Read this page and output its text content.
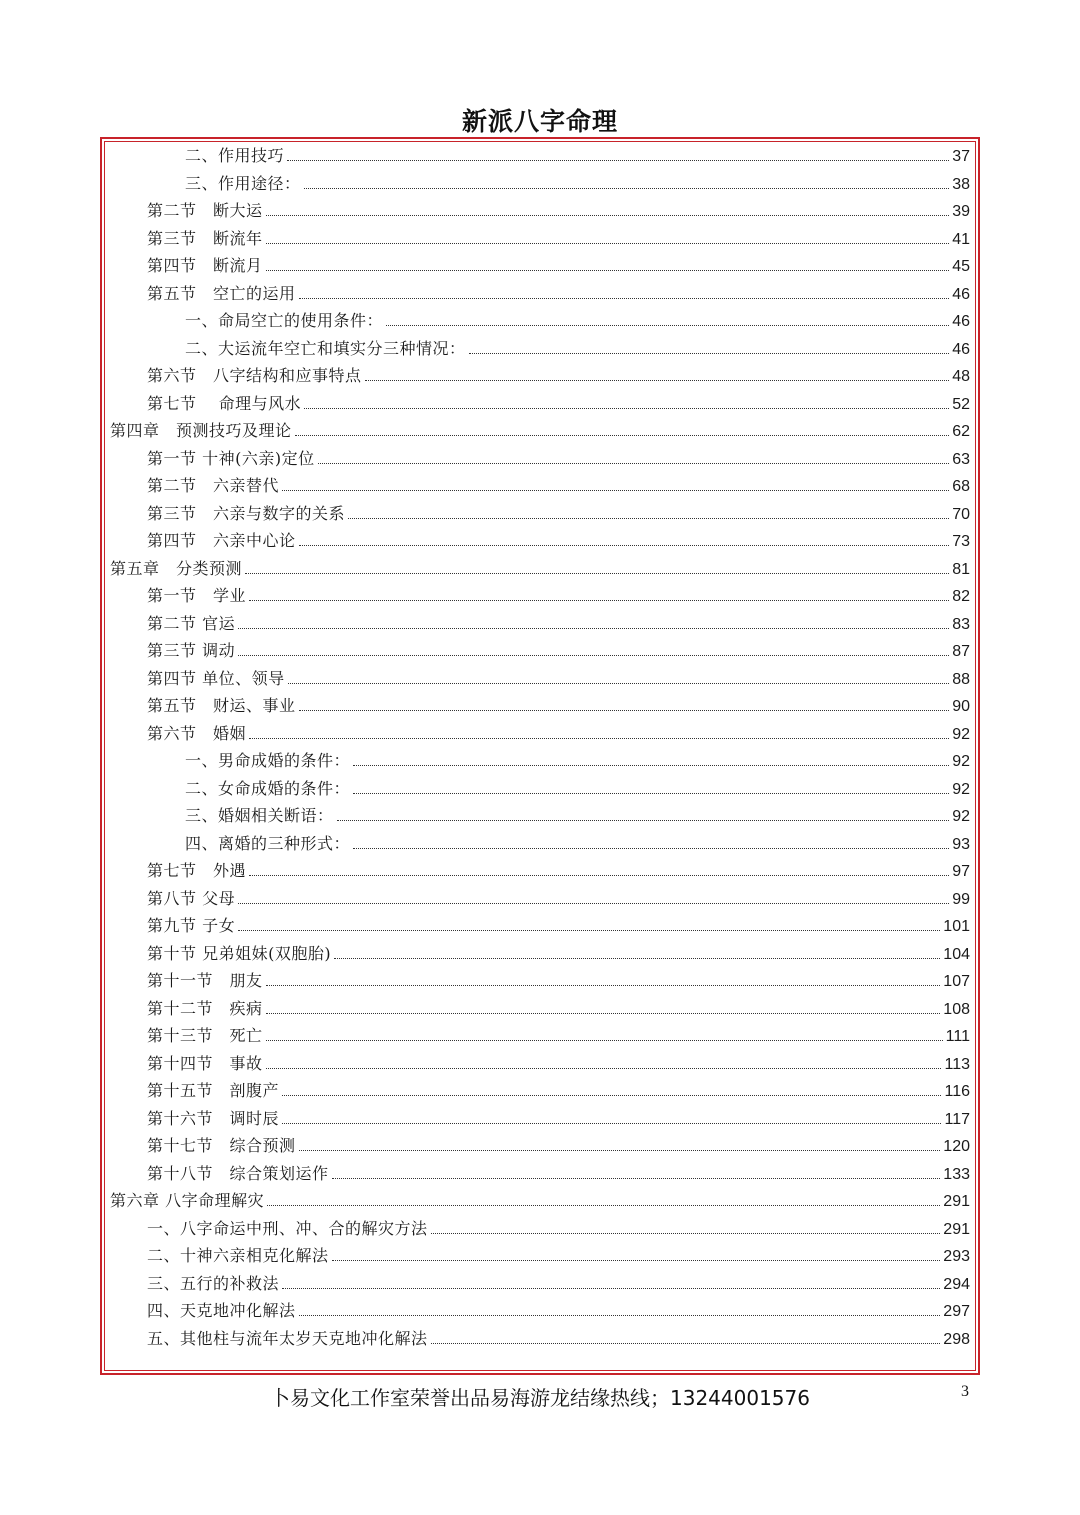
新派八字命理
二、作用技巧	37
三、作用途径：	38
第二节　断大运	39
第三节　断流年	41
第四节　断流月	45
第五节　空亡的运用	46
一、命局空亡的使用条件：	46
二、大运流年空亡和填实分三种情况：	46
第六节　八字结构和应事特点	48
第七节　 命理与风水	52
第四章　预测技巧及理论	62
第一节 十神(六亲)定位	63
第二节　六亲替代	68
第三节　六亲与数字的关系	70
第四节　六亲中心论	73
第五章　分类预测	81
第一节　学业	82
第二节 官运	83
第三节 调动	87
第四节 单位、领导	88
第五节　财运、事业	90
第六节　婚姻	92
一、男命成婚的条件：	92
二、女命成婚的条件：	92
三、婚姻相关断语：	92
四、离婚的三种形式：	93
第七节　外遇	97
第八节 父母	99
第九节 子女	101
第十节 兄弟姐妹(双胞胎)	104
第十一节　朋友	107
第十二节　疾病	108
第十三节　死亡	111
第十四节　事故	113
第十五节　剖腹产	116
第十六节　调时辰	117
第十七节　综合预测	120
第十八节　综合策划运作	133
第六章 八字命理解灾	291
一、八字命运中刑、冲、合的解灾方法	291
二、十神六亲相克化解法	293
三、五行的补救法	294
四、天克地冲化解法	297
五、其他柱与流年太岁天克地冲化解法	298
卜易文化工作室荣誉出品易海游龙结缘热线；13244001576	3
